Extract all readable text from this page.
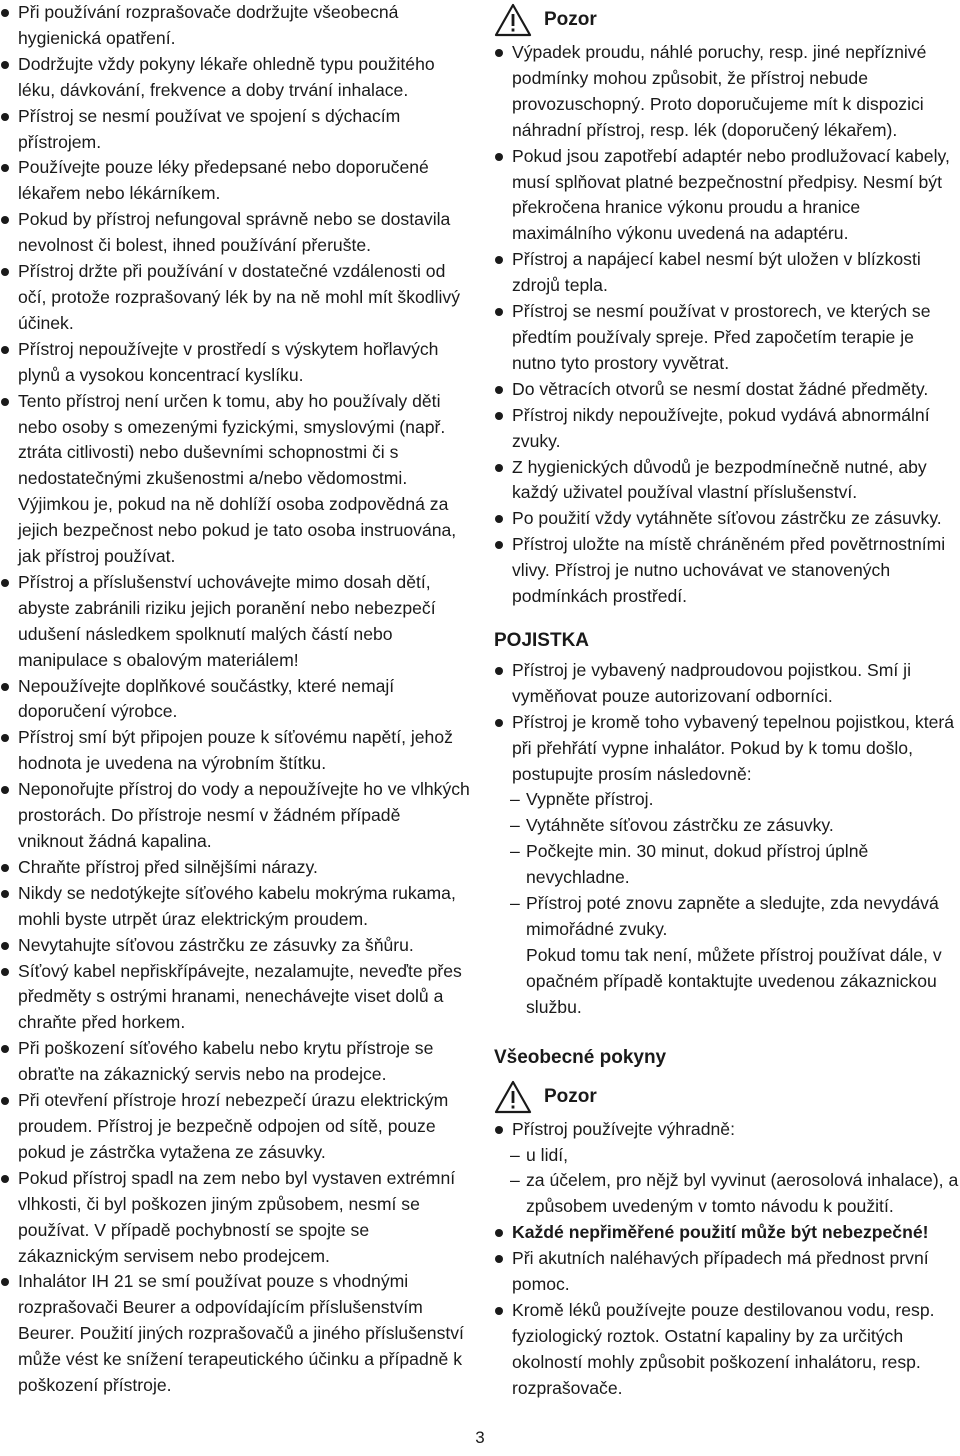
Při používání rozprašovače dodržujte všeobecná hygienická opatření.
Dodržujte vždy pokyny lékaře ohledně typu použitého léku, dávkování, frekvence a doby trvání inhalace.
Přístroj se nesmí používat ve spojení s dýchacím přístrojem.
Používejte pouze léky předepsané nebo doporučené lékařem nebo lékárníkem.
Pokud by přístroj nefungoval správně nebo se dostavila nevolnost či bolest, ihned používání přerušte.
Přístroj držte při používání v dostatečné vzdálenosti od očí, protože rozprašovaný lék by na ně mohl mít škodlivý účinek.
Přístroj nepoužívejte v prostředí s výskytem hořlavých plynů a vysokou koncentrací kyslíku.
Tento přístroj není určen k tomu, aby ho používaly děti nebo osoby s omezenými fyzickými, smyslovými (např. ztráta citlivosti) nebo duševními schopnostmi či s nedostatečnými zkušenostmi a/nebo vědomostmi. Výjimkou je, pokud na ně dohlíží osoba zodpovědná za jejich bezpečnost nebo pokud je tato osoba instruována, jak přístroj používat.
Přístroj a příslušenství uchovávejte mimo dosah dětí, abyste zabránili riziku jejich poranění nebo nebezpečí udušení následkem spolknutí malých částí nebo manipulace s obalovým materiálem!
Nepoužívejte doplňkové součástky, které nemají doporučení výrobce.
Přístroj smí být připojen pouze k síťovému napětí, jehož hodnota je uvedena na výrobním štítku.
Neponořujte přístroj do vody a nepoužívejte ho ve vlhkých prostorách. Do přístroje nesmí v žádném případě vniknout žádná kapalina.
Chraňte přístroj před silnějšími nárazy.
Nikdy se nedotýkejte síťového kabelu mokrýma rukama, mohli byste utrpět úraz elektrickým proudem.
Nevytahujte síťovou zástrčku ze zásuvky za šňůru.
Síťový kabel nepřiskřípávejte, nezalamujte, neveďte přes předměty s ostrými hranami, nenechávejte viset dolů a chraňte před horkem.
Při poškození síťového kabelu nebo krytu přístroje se obraťte na zákaznický servis nebo na prodejce.
Při otevření přístroje hrozí nebezpečí úrazu elektrickým proudem. Přístroj je bezpečně odpojen od sítě, pouze pokud je zástrčka vytažena ze zásuvky.
Pokud přístroj spadl na zem nebo byl vystaven extrémní vlhkosti, či byl poškozen jiným způsobem, nesmí se používat. V případě pochybností se spojte se zákaznickým servisem nebo prodejcem.
Inhalátor IH 21 se smí používat pouze s vhodnými rozprašovači Beurer a odpovídajícím příslušenstvím Beurer. Použití jiných rozprašovačů a jiného příslušenství může vést ke snížení terapeutického účinku a případně k poškození přístroje.
Pozor
Výpadek proudu, náhlé poruchy, resp. jiné nepříznivé podmínky mohou způsobit, že přístroj nebude provozuschopný. Proto doporučujeme mít k dispozici náhradní přístroj, resp. lék (doporučený lékařem).
Pokud jsou zapotřebí adaptér nebo prodlužovací kabely, musí splňovat platné bezpečnostní předpisy. Nesmí být překročena hranice výkonu proudu a hranice maximálního výkonu uvedená na adaptéru.
Přístroj a napájecí kabel nesmí být uložen v blízkosti zdrojů tepla.
Přístroj se nesmí používat v prostorech, ve kterých se předtím používaly spreje. Před započetím terapie je nutno tyto prostory vyvětrat.
Do větracích otvorů se nesmí dostat žádné předměty.
Přístroj nikdy nepoužívejte, pokud vydává abnormální zvuky.
Z hygienických důvodů je bezpodmínečně nutné, aby každý uživatel používal vlastní příslušenství.
Po použití vždy vytáhněte síťovou zástrčku ze zásuvky.
Přístroj uložte na místě chráněném před povětrnostními vlivy. Přístroj je nutno uchovávat ve stanovených podmínkách prostředí.
POJISTKA
Přístroj je vybavený nadproudovou pojistkou. Smí ji vyměňovat pouze autorizovaní odborníci.
Přístroj je kromě toho vybavený tepelnou pojistkou, která při přehřátí vypne inhalátor. Pokud by k tomu došlo, postupujte prosím následovně:
– Vypněte přístroj.
– Vytáhněte síťovou zástrčku ze zásuvky.
– Počkejte min. 30 minut, dokud přístroj úplně nevychladne.
– Přístroj poté znovu zapněte a sledujte, zda nevydává mimořádné zvuky.
Pokud tomu tak není, můžete přístroj používat dále, v opačném případě kontaktujte uvedenou zákaznickou službu.
Všeobecné pokyny
Pozor
Přístroj používejte výhradně:
– u lidí,
– za účelem, pro nějž byl vyvinut (aerosolová inhalace), a způsobem uvedeným v tomto návodu k použití.
Každé nepřiměřené použití může být nebezpečné!
Při akutních naléhavých případech má přednost první pomoc.
Kromě léků používejte pouze destilovanou vodu, resp. fyziologický roztok. Ostatní kapaliny by za určitých okolností mohly způsobit poškození inhalátoru, resp. rozprašovače.
3
